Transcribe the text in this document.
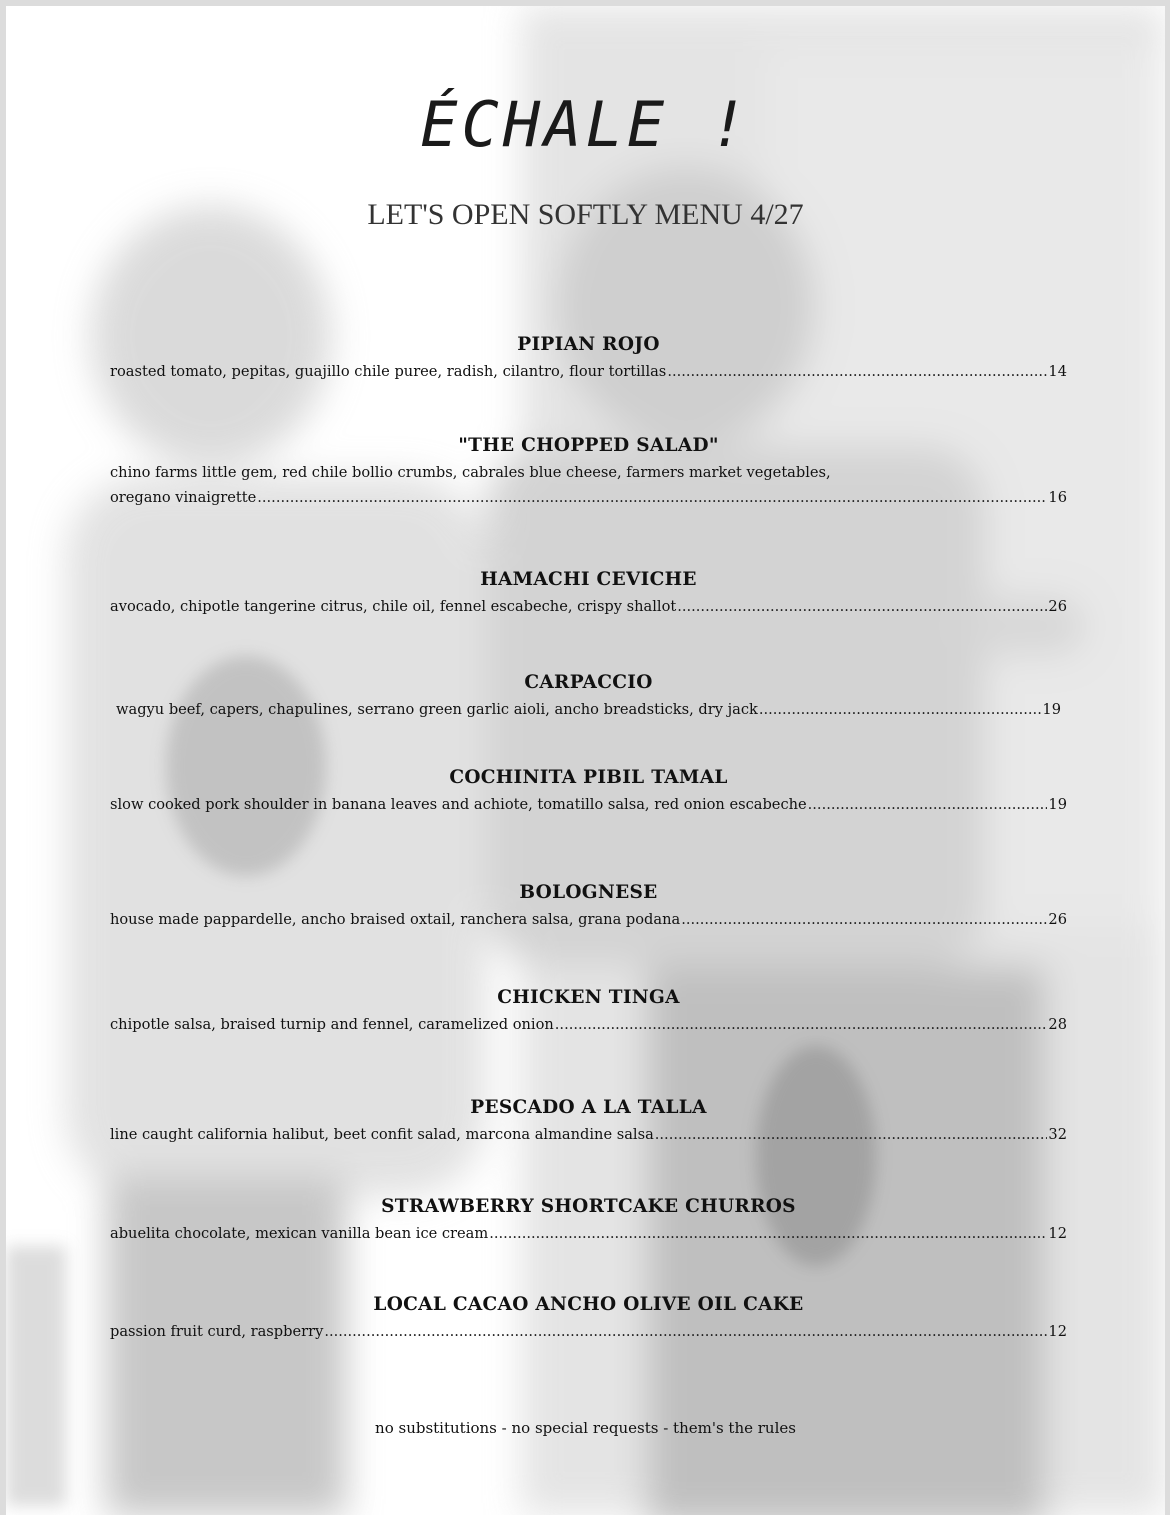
ÉCHALE !
LET'S OPEN SOFTLY MENU 4/27
PIPIAN ROJO
roasted tomato, pepitas, guajillo chile puree, radish, cilantro, flour tortillas .....	14
"THE CHOPPED SALAD"
chino farms little gem, red chile bollio crumbs, cabrales blue cheese, farmers market vegetables,
oregano vinaigrette .....	16
HAMACHI CEVICHE
avocado, chipotle tangerine citrus, chile oil, fennel escabeche, crispy shallot .....	26
CARPACCIO
wagyu beef, capers, chapulines, serrano green garlic aioli, ancho breadsticks, dry jack .....	19
COCHINITA PIBIL TAMAL
slow cooked pork shoulder in banana leaves and achiote, tomatillo salsa, red onion escabeche .....	19
BOLOGNESE
house made pappardelle, ancho braised oxtail, ranchera salsa, grana podana .....	26
CHICKEN TINGA
chipotle salsa, braised turnip and fennel, caramelized onion .....	28
PESCADO A LA TALLA
line caught california halibut, beet confit salad, marcona almandine salsa .....	32
STRAWBERRY SHORTCAKE CHURROS
abuelita chocolate, mexican vanilla bean ice cream .....	12
LOCAL CACAO ANCHO OLIVE OIL CAKE
passion fruit curd, raspberry .....	12
no substitutions - no special requests - them's the rules
